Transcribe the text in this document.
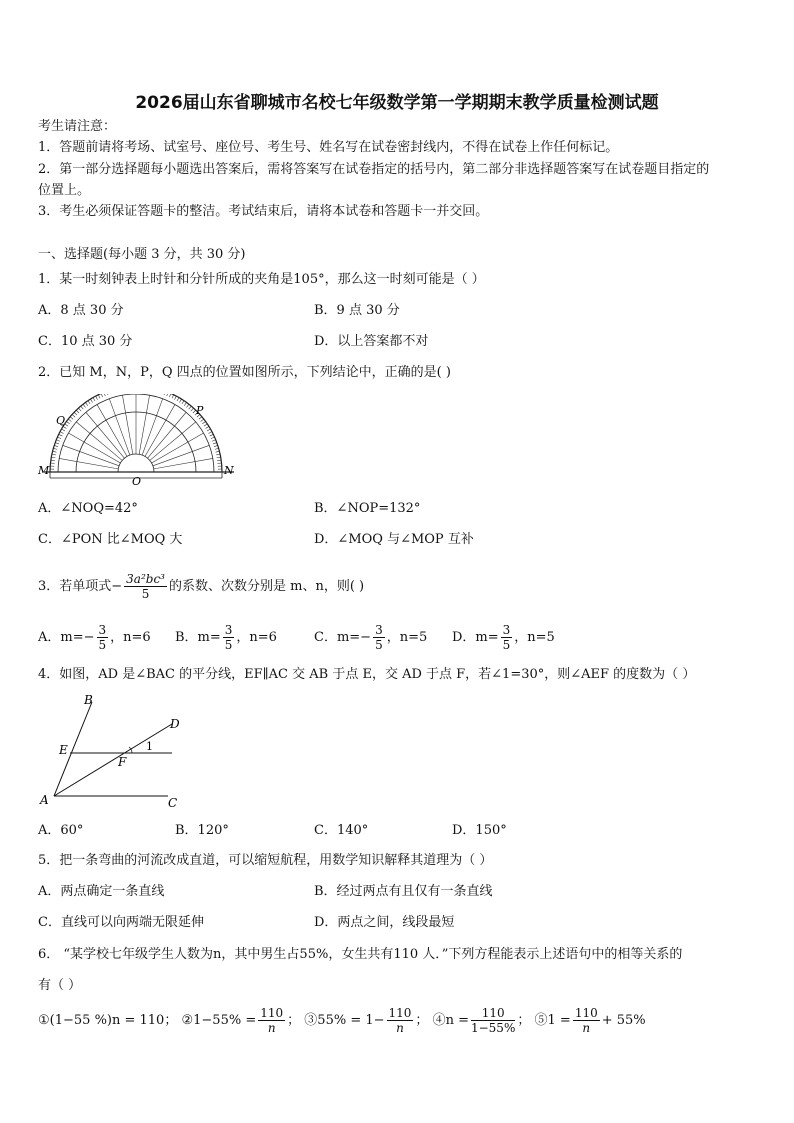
2026届山东省聊城市名校七年级数学第一学期期末教学质量检测试题
考生请注意：
1．答题前请将考场、试室号、座位号、考生号、姓名写在试卷密封线内，不得在试卷上作任何标记。
2．第一部分选择题每小题选出答案后，需将答案写在试卷指定的括号内，第二部分非选择题答案写在试卷题目指定的
位置上。
3．考生必须保证答题卡的整洁。考试结束后，请将本试卷和答题卡一并交回。
一、选择题(每小题 3 分，共 30 分)
1．某一时刻钟表上时针和分针所成的夹角是105°，那么这一时刻可能是（ ）
A．8 点 30 分	B．9 点 30 分
C．10 点 30 分	D．以上答案都不对
2．已知 M，N，P，Q 四点的位置如图所示，下列结论中，正确的是( )
Q
P
M	N
O
A．∠NOQ=42°	B．∠NOP=132°
C．∠PON 比∠MOQ 大	D．∠MOQ 与∠MOP 互补
3．若单项式− $\frac{\text{3a²bc³}}{5}$ 的系数、次数分别是 m、n，则( )
A．$m=- \frac{3}{5}$ ，n=6 B．$m= \frac{3}{5}$ ，n=6	C．$m=- \frac{3}{5}$ ，n=5 D．$m= \frac{3}{5}$ ，n=5
4．如图，AD 是∠BAC 的平分线，EF∥AC 交 AB 于点 E，交 AD 于点 F，若∠1=30°，则∠AEF 的度数为（ ）
B
D
E
F
1
A	C
A．60°	B．120°	C．140°	D．150°
5．把一条弯曲的河流改成直道，可以缩短航程，用数学知识解释其道理为（ ）
A．两点确定一条直线	B．经过两点有且仅有一条直线
C．直线可以向两端无限延伸	D．两点之间，线段最短
6． “某学校七年级学生人数为n，其中男生占55%，女生共有110 人．”下列方程能表示上述语句中的相等关系的
有（ ）
①(1−55 %)n = 110； ②1−55% = $\frac{110}{n}$ ； ③55% = $1- \frac{110}{n}$ ； ④n = $\frac{110}{1-55\%}$ ； ⑤1 = $\frac{110}{n} + 55\%$
